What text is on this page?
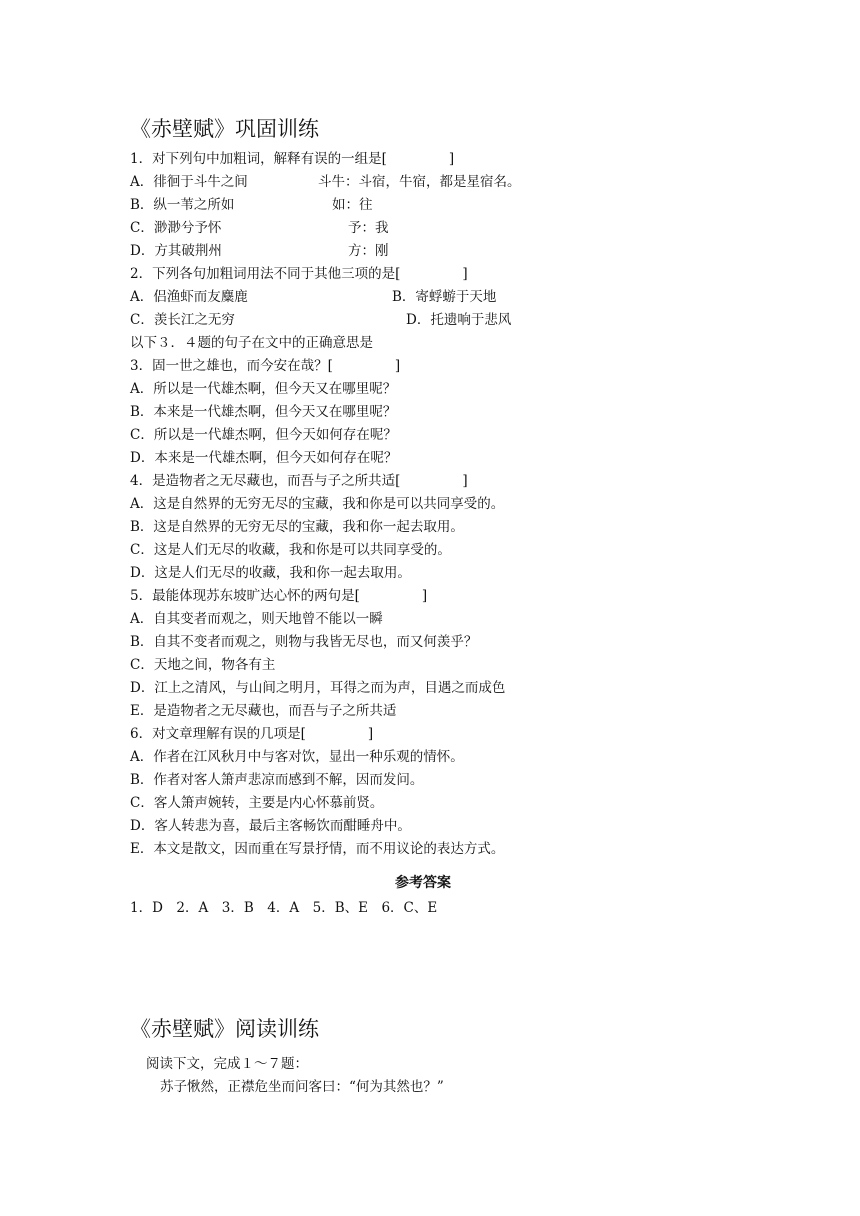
《赤壁赋》巩固训练
1．对下列句中加粗词，解释有误的一组是[	]
A．徘徊于斗牛之间	斗牛：斗宿，牛宿，都是星宿名。
B．纵一苇之所如	如：往
C．渺渺兮予怀	予：我
D．方其破荆州	方：刚
2．下列各句加粗词用法不同于其他三项的是[	]
A．侣渔虾而友麋鹿	B．寄蜉蝣于天地
C．羡长江之无穷	D．托遗响于悲风
以下３．４题的句子在文中的正确意思是
3．固一世之雄也，而今安在哉？[	]
A．所以是一代雄杰啊，但今天又在哪里呢？
B．本来是一代雄杰啊，但今天又在哪里呢？
C．所以是一代雄杰啊，但今天如何存在呢？
D．本来是一代雄杰啊，但今天如何存在呢？
4．是造物者之无尽藏也，而吾与子之所共适[	]
A．这是自然界的无穷无尽的宝藏，我和你是可以共同享受的。
B．这是自然界的无穷无尽的宝藏，我和你一起去取用。
C．这是人们无尽的收藏，我和你是可以共同享受的。
D．这是人们无尽的收藏，我和你一起去取用。
5．最能体现苏东坡旷达心怀的两句是[	]
A．自其变者而观之，则天地曾不能以一瞬
B．自其不变者而观之，则物与我皆无尽也，而又何羡乎？
C．天地之间，物各有主
D．江上之清风，与山间之明月，耳得之而为声，目遇之而成色
E．是造物者之无尽藏也，而吾与子之所共适
6．对文章理解有误的几项是[	]
A．作者在江风秋月中与客对饮，显出一种乐观的情怀。
B．作者对客人箫声悲凉而感到不解，因而发问。
C．客人箫声婉转，主要是内心怀慕前贤。
D．客人转悲为喜，最后主客畅饮而酣睡舟中。
E．本文是散文，因而重在写景抒情，而不用议论的表达方式。
参考答案
1．D　2．A　3．B　4．A　5．B、E　6．C、E
《赤壁赋》阅读训练
阅读下文，完成１～７题：
苏子愀然，正襟危坐而问客曰：“何为其然也？”
